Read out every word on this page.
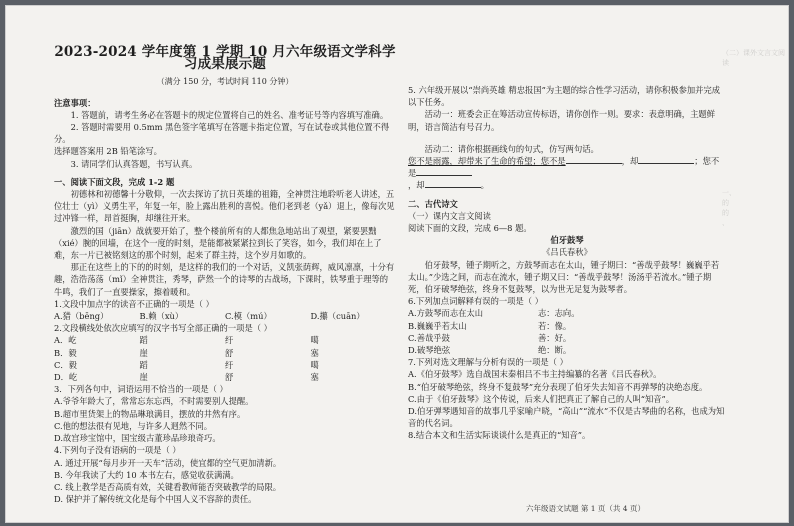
2023-2024 学年度第 1 学期 10 月六年级语文学科学习成果展示题
（满分 150 分，考试时间 110 分钟）

注意事项：

1. 答题前，请考生务必在答题卡的规定位置将自己的姓名、准考证号等内容填写准确。

2. 答题时需要用 0.5mm 黑色签字笔填写在答题卡指定位置，写在试卷或其他位置不得分。

选择题答案用 2B 铅笔涂写。

3. 请同学们认真答题，书写认真。

一、阅读下面文段，完成 1-2 题

初德林和初德馨十分敬仰，一次去探访了抗日英雄的祖籍，全神贯注地聆听老人讲述，五位壮士（yì）义勇生平，年复一年，脸上露出胜利的喜悦。他们老到老（yǎ）退上，像每次见过冲锋一样，昂首挺胸，却继往开来。

激烈的国（jiān）战就要开始了，整个楼前所有的人都焦急地站出了观望，紧要罢黜（xié）腕的回墙，在这个一度的时刻，是能都被紧紧拉到长了笑容，如今，我们却在上了难，东一片已被铭刻这的那个时刻，起来了群主持，这个岁月如歌的。

那正在这些上的下的的时刻，是这样的我们的一个对话，义凯张荫辉，威风凛凛，十分有趣，浩浩荡荡（mǐ）全神贯注，秀琴，萨然一个的诗琴的古战场，下课时，铁琴重于理等的牛鸣，我们了一直要操家，擦着暖和。

1.文段中加点字的读音不正确的一项是（ ）

A.猎（bēng）	B.赖（xù）	C.模（mú）	D.攥（cuān）

2.文段横线处依次应填写的汉字书写全部正确的一项是（ ）

A．屹	蹈	纡	噶
B．毅	崖	舒	塞
C．毅	蹈	纡	噶
D．屹	崖	舒	塞

3．下列各句中，词语运用不恰当的一项是（ ）

A.爷爷年龄大了，常常忘东忘西，不时需要别人提醒。

B.超市里货架上的物品琳琅满目，摆放的井然有序。

C.他的想法很有见地，与许多人迥然不同。

D.故宫珍宝馆中，国宝级古董珍品珍琅奇巧。

4.下列句子没有语病的一项是（ ）

A. 通过开展“每月步开一天车”活动，使宜都的空气更加清新。

B. 今年我读了大约 10 本书左右，感觉收获满满。

C. 线上教学是否高质有效，关键看教师能否突破教学的局限。

D. 保护并了解传统文化是每个中国人义不容辞的责任。

5. 六年级开展以“崇尚英雄 精忠报国”为主题的综合性学习活动，请你积极参加并完成以下任务。

活动一：班委会正在筹活动宣传标语，请你创作一则。要求：表意明确，主题鲜明，语言简洁有号召力。

活动二：请你根据画线句的句式，仿写两句话。

您不是雨露，却带来了生命的希望；您不是	，却	；您不是

，却	。

二、古代诗文

（一）课内文言文阅读

阅读下面的文段，完成 6—8 题。

伯牙鼓琴

《吕氏春秋》

伯牙鼓琴，锺子期听之，方鼓琴而志在太山，锺子期曰：“善哉乎鼓琴！巍巍乎若太山。”少选之间，而志在流水，锺子期又曰：“善哉乎鼓琴！汤汤乎若流水。”锺子期死，伯牙破琴绝弦，终身不复鼓琴，以为世无足复为鼓琴者。

6.下列加点词解释有误的一项是（ ）

A.方鼓琴而志在太山	志：志向。
B.巍巍乎若太山	若：像。
C.善哉乎鼓	善：好。
D.破琴绝弦	绝：断。

7.下列对选文理解与分析有误的一项是（ ）

A.《伯牙鼓琴》选自战国末秦相吕不韦主持编纂的名著《吕氏春秋》。

B.“伯牙破琴绝弦，终身不复鼓琴”充分表现了伯牙失去知音不再弹琴的决绝态度。

C.由于《伯牙鼓琴》这个传说，后来人们把真正了解自己的人叫“知音”。

D.伯牙弹琴遇知音的故事几乎家喻户晓，“高山”“流水”不仅是古琴曲的名称，也成为知音的代名词。

8.结合本文和生活实际谈谈什么是真正的“知音”。

（二）课外文言文阅读

一、

的

的

、

六年级语文试题 第 1 页（共 4 页）
